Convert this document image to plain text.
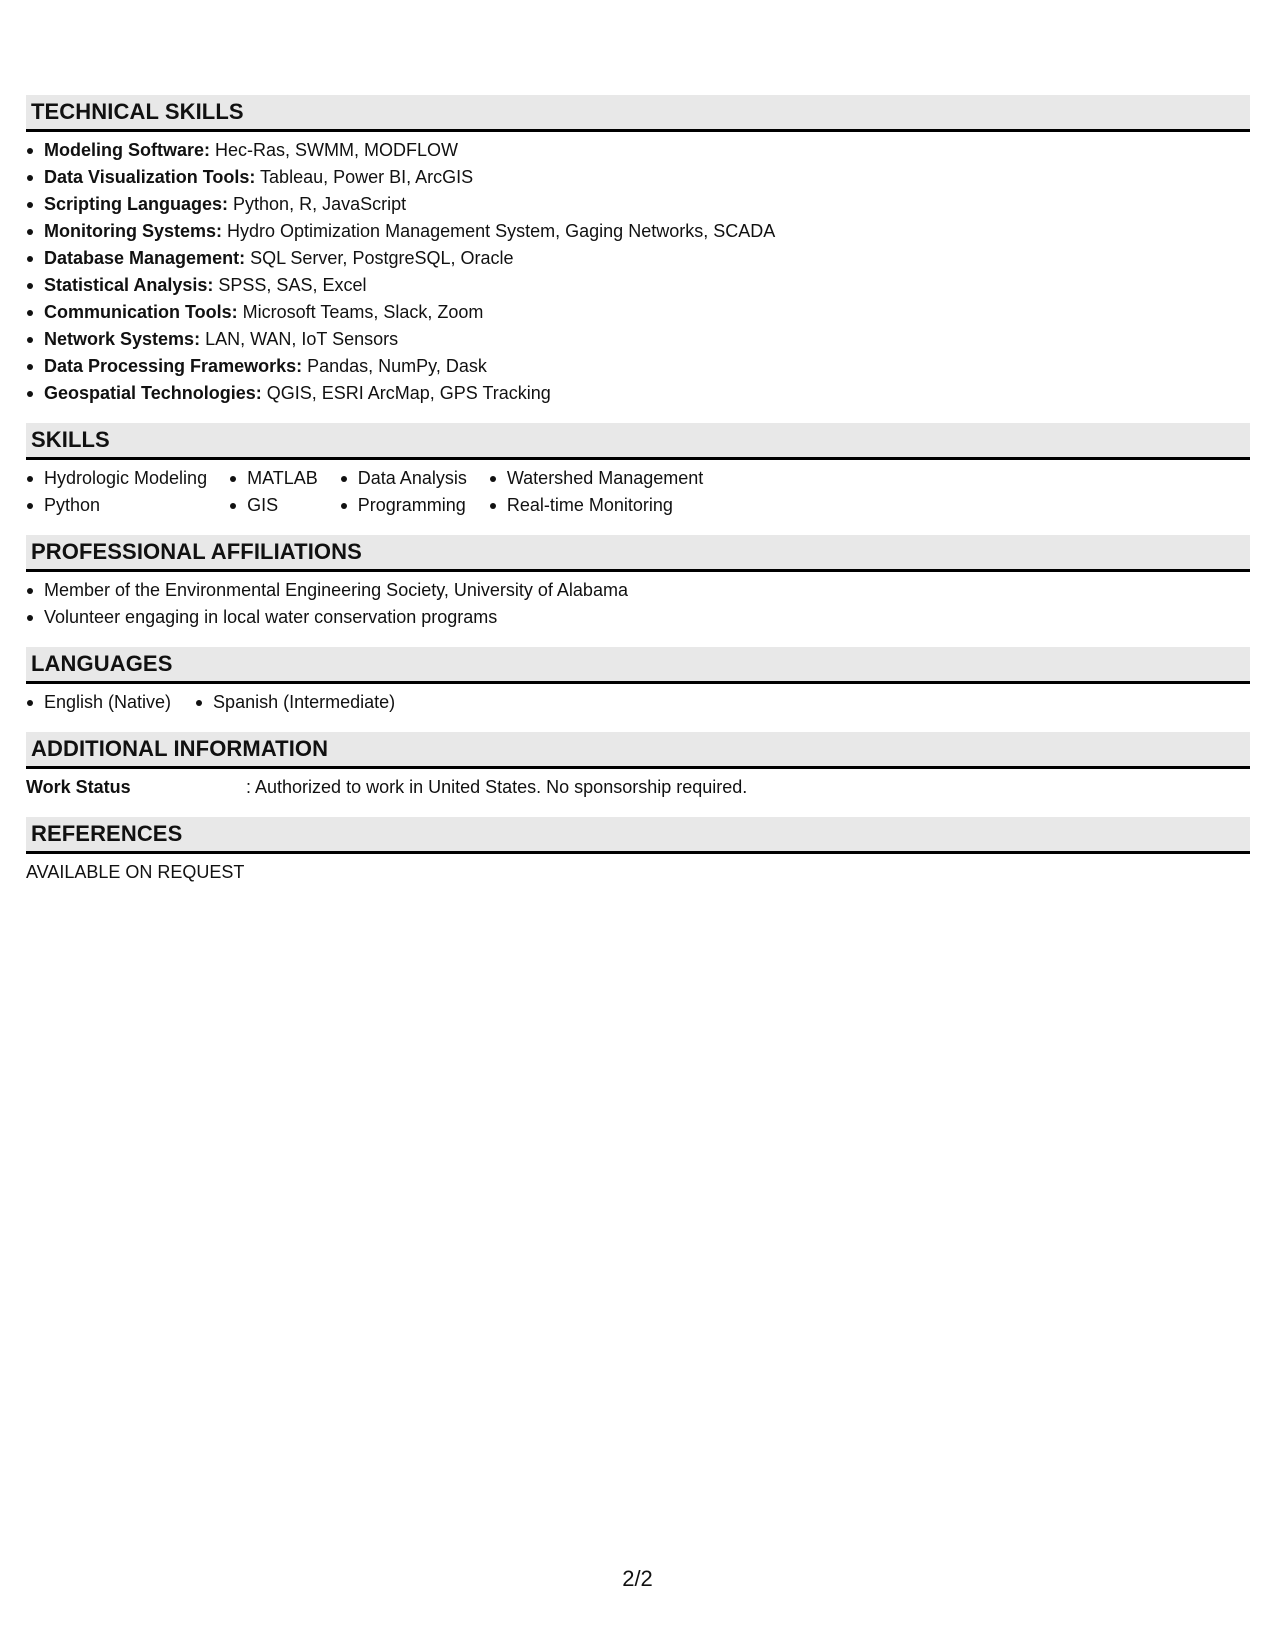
TECHNICAL SKILLS
Modeling Software: Hec-Ras, SWMM, MODFLOW
Data Visualization Tools: Tableau, Power BI, ArcGIS
Scripting Languages: Python, R, JavaScript
Monitoring Systems: Hydro Optimization Management System, Gaging Networks, SCADA
Database Management: SQL Server, PostgreSQL, Oracle
Statistical Analysis: SPSS, SAS, Excel
Communication Tools: Microsoft Teams, Slack, Zoom
Network Systems: LAN, WAN, IoT Sensors
Data Processing Frameworks: Pandas, NumPy, Dask
Geospatial Technologies: QGIS, ESRI ArcMap, GPS Tracking
SKILLS
Hydrologic Modeling
Python
MATLAB
GIS
Data Analysis
Programming
Watershed Management
Real-time Monitoring
PROFESSIONAL AFFILIATIONS
Member of the Environmental Engineering Society, University of Alabama
Volunteer engaging in local water conservation programs
LANGUAGES
English (Native)	Spanish (Intermediate)
ADDITIONAL INFORMATION
Work Status	: Authorized to work in United States. No sponsorship required.
REFERENCES
AVAILABLE ON REQUEST
2/2
